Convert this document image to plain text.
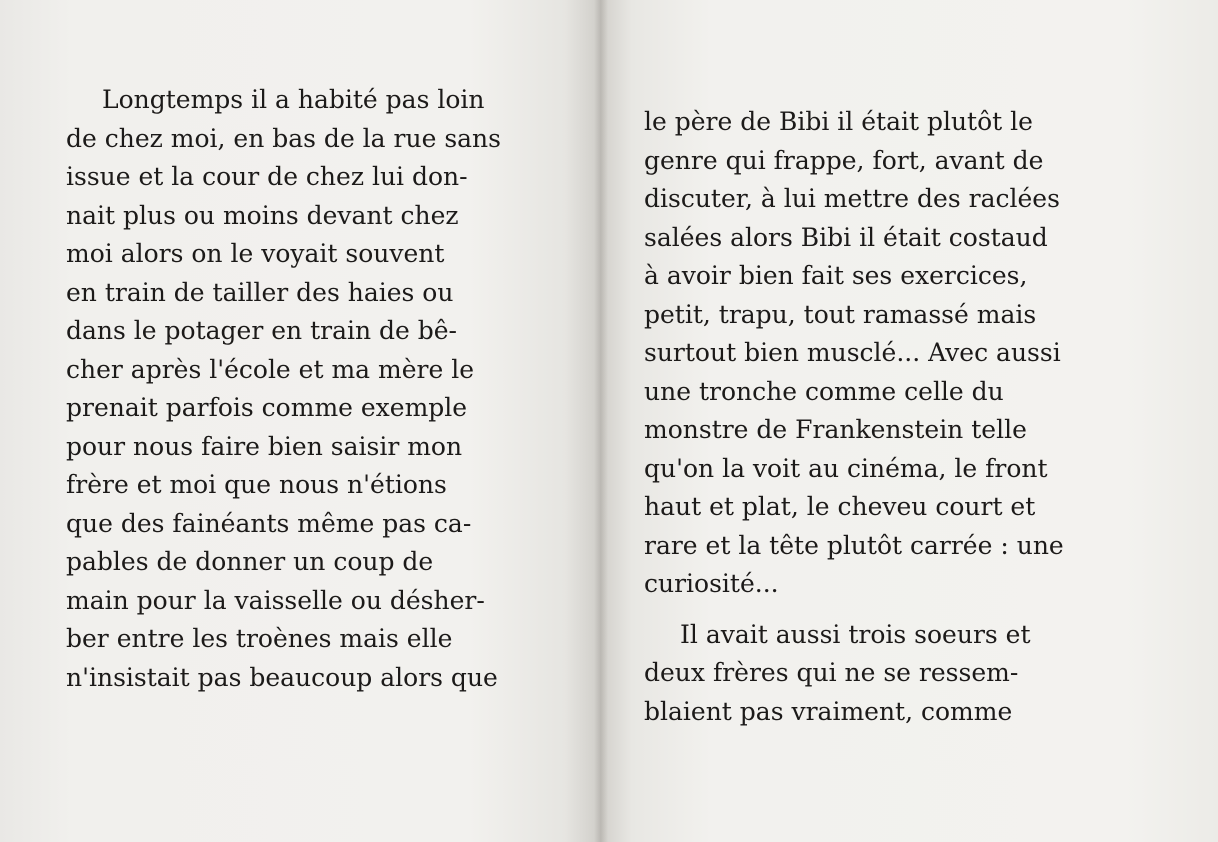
Longtemps il a habité pas loin
de chez moi, en bas de la rue sans
issue et la cour de chez lui don-
nait plus ou moins devant chez
moi alors on le voyait souvent
en train de tailler des haies ou
dans le potager en train de bê-
cher après l'école et ma mère le
prenait parfois comme exemple
pour nous faire bien saisir mon
frère et moi que nous n'étions
que des fainéants même pas ca-
pables de donner un coup de
main pour la vaisselle ou désher-
ber entre les troènes mais elle
n'insistait pas beaucoup alors que
le père de Bibi il était plutôt le
genre qui frappe, fort, avant de
discuter, à lui mettre des raclées
salées alors Bibi il était costaud
à avoir bien fait ses exercices,
petit, trapu, tout ramassé mais
surtout bien musclé... Avec aussi
une tronche comme celle du
monstre de Frankenstein telle
qu'on la voit au cinéma, le front
haut et plat, le cheveu court et
rare et la tête plutôt carrée : une
curiosité...
Il avait aussi trois soeurs et
deux frères qui ne se ressem-
blaient pas vraiment, comme
